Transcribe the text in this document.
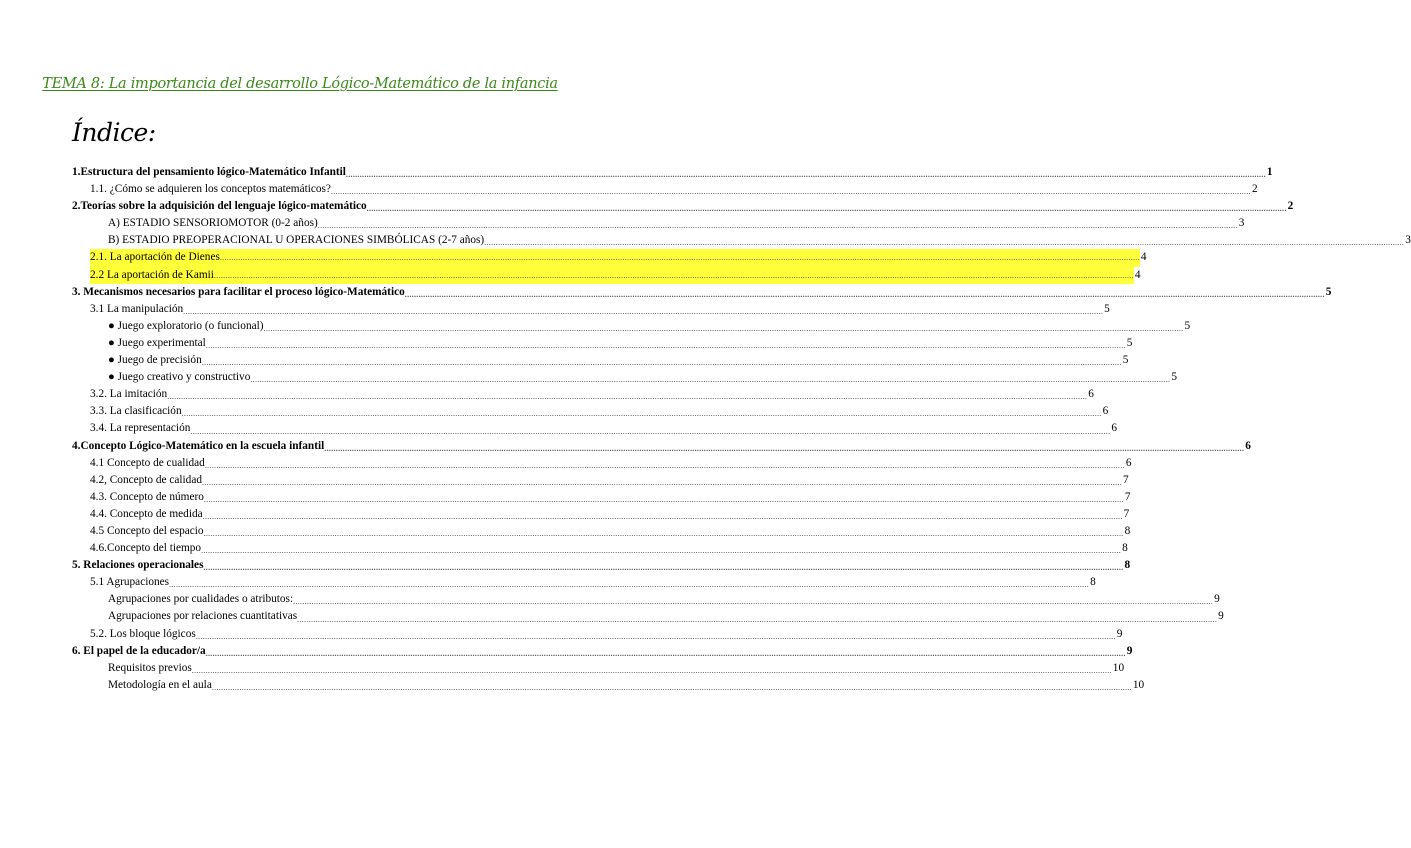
TEMA 8: La importancia del desarrollo Lógico-Matemático de la infancia
Índice:
1.Estructura del pensamiento lógico-Matemático Infantil ................................................................................................................................................................................................................................................................................................................................................................................................................ 1
1.1. ¿Cómo se adquieren los conceptos matemáticos? ................................................................................................................................................................................................................................................................................................................................................................................................................ 2
2.Teorías sobre la adquisición del lenguaje lógico-matemático ................................................................................................................................................................................................................................................................................................................................................................................................................ 2
A) ESTADIO SENSORIOMOTOR (0-2 años) ................................................................................................................................................................................................................................................................................................................................................................................................................ 3
B) ESTADIO PREOPERACIONAL U OPERACIONES SIMBÓLICAS (2-7 años) ................................................................................................................................................................................................................................................................................................................................................................................................................ 3
2.1. La aportación de Dienes ................................................................................................................................................................................................................................................................................................................................................................................................................ 4
2.2 La aportación de Kamii ................................................................................................................................................................................................................................................................................................................................................................................................................ 4
3. Mecanismos necesarios para facilitar el proceso lógico-Matemático ................................................................................................................................................................................................................................................................................................................................................................................................................ 5
3.1 La manipulación ................................................................................................................................................................................................................................................................................................................................................................................................................ 5
● Juego exploratorio (o funcional) ................................................................................................................................................................................................................................................................................................................................................................................................................ 5
● Juego experimental ................................................................................................................................................................................................................................................................................................................................................................................................................ 5
● Juego de precisión ................................................................................................................................................................................................................................................................................................................................................................................................................ 5
● Juego creativo y constructivo ................................................................................................................................................................................................................................................................................................................................................................................................................ 5
3.2. La imitación ................................................................................................................................................................................................................................................................................................................................................................................................................ 6
3.3. La clasificación ................................................................................................................................................................................................................................................................................................................................................................................................................ 6
3.4. La representación ................................................................................................................................................................................................................................................................................................................................................................................................................ 6
4.Concepto Lógico-Matemático en la escuela infantil ................................................................................................................................................................................................................................................................................................................................................................................................................ 6
4.1 Concepto de cualidad ................................................................................................................................................................................................................................................................................................................................................................................................................ 6
4.2, Concepto de calidad ................................................................................................................................................................................................................................................................................................................................................................................................................ 7
4.3. Concepto de número ................................................................................................................................................................................................................................................................................................................................................................................................................ 7
4.4. Concepto de medida ................................................................................................................................................................................................................................................................................................................................................................................................................ 7
4.5 Concepto del espacio ................................................................................................................................................................................................................................................................................................................................................................................................................ 8
4.6.Concepto del tiempo ................................................................................................................................................................................................................................................................................................................................................................................................................ 8
5. Relaciones operacionales ................................................................................................................................................................................................................................................................................................................................................................................................................ 8
5.1 Agrupaciones ................................................................................................................................................................................................................................................................................................................................................................................................................ 8
Agrupaciones por cualidades o atributos: ................................................................................................................................................................................................................................................................................................................................................................................................................ 9
Agrupaciones por relaciones cuantitativas ................................................................................................................................................................................................................................................................................................................................................................................................................ 9
5.2. Los bloque lógicos ................................................................................................................................................................................................................................................................................................................................................................................................................ 9
6. El papel de la educador/a ................................................................................................................................................................................................................................................................................................................................................................................................................ 9
Requisitos previos ................................................................................................................................................................................................................................................................................................................................................................................................................ 10
Metodología en el aula ................................................................................................................................................................................................................................................................................................................................................................................................................ 10
